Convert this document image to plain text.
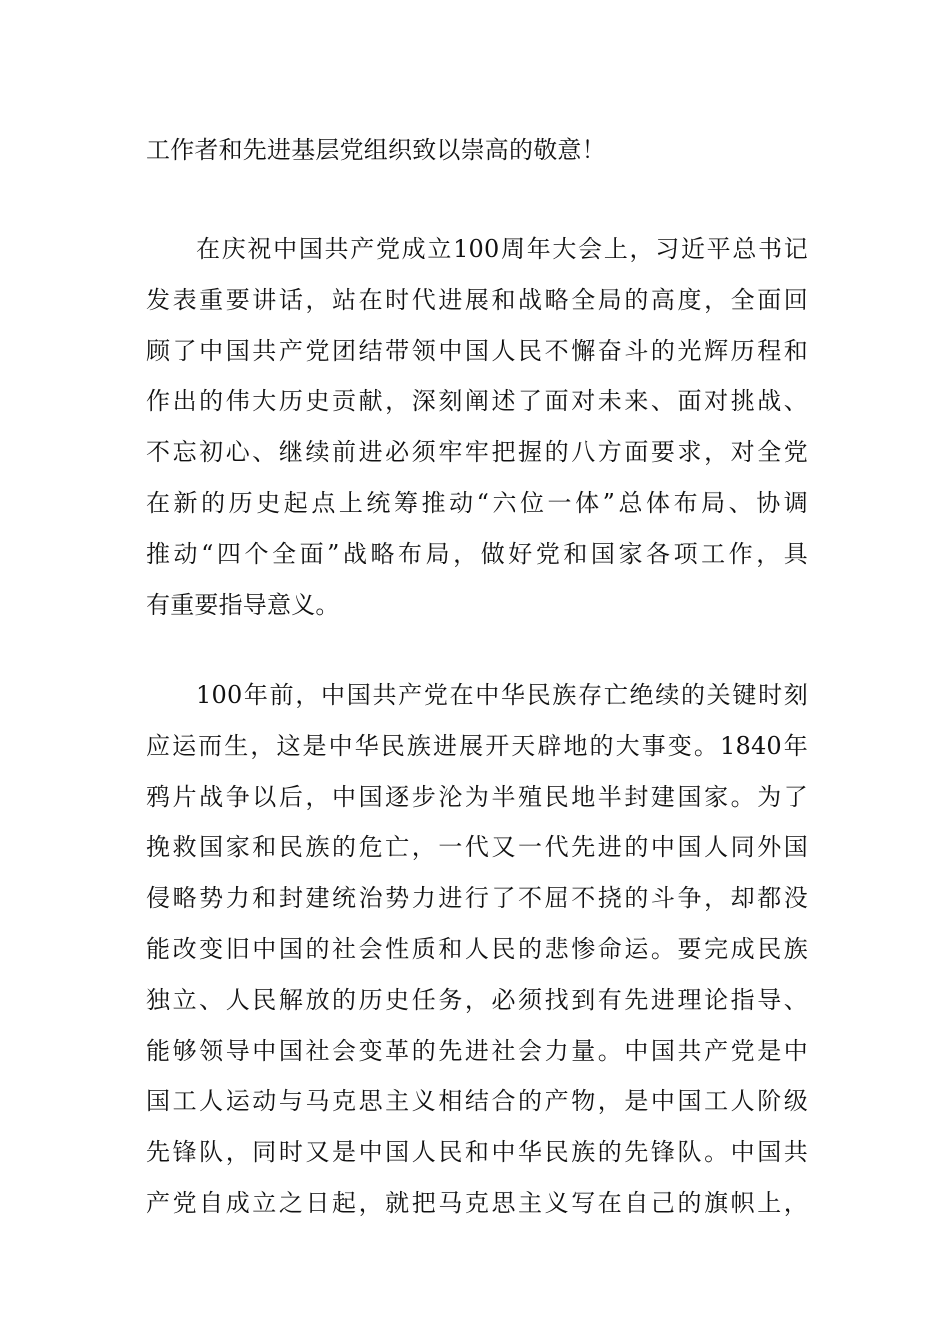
工作者和先进基层党组织致以崇高的敬意！
在庆祝中国共产党成立100周年大会上，习近平总书记
发表重要讲话，站在时代进展和战略全局的高度，全面回
顾了中国共产党团结带领中国人民不懈奋斗的光辉历程和
作出的伟大历史贡献，深刻阐述了面对未来、面对挑战、
不忘初心、继续前进必须牢牢把握的八方面要求，对全党
在新的历史起点上统筹推动“六位一体”总体布局、协调
推动“四个全面”战略布局，做好党和国家各项工作，具
有重要指导意义。
100年前，中国共产党在中华民族存亡绝续的关键时刻
应运而生，这是中华民族进展开天辟地的大事变。1840年
鸦片战争以后，中国逐步沦为半殖民地半封建国家。为了
挽救国家和民族的危亡，一代又一代先进的中国人同外国
侵略势力和封建统治势力进行了不屈不挠的斗争，却都没
能改变旧中国的社会性质和人民的悲惨命运。要完成民族
独立、人民解放的历史任务，必须找到有先进理论指导、
能够领导中国社会变革的先进社会力量。中国共产党是中
国工人运动与马克思主义相结合的产物，是中国工人阶级
先锋队，同时又是中国人民和中华民族的先锋队。中国共
产党自成立之日起，就把马克思主义写在自己的旗帜上，
